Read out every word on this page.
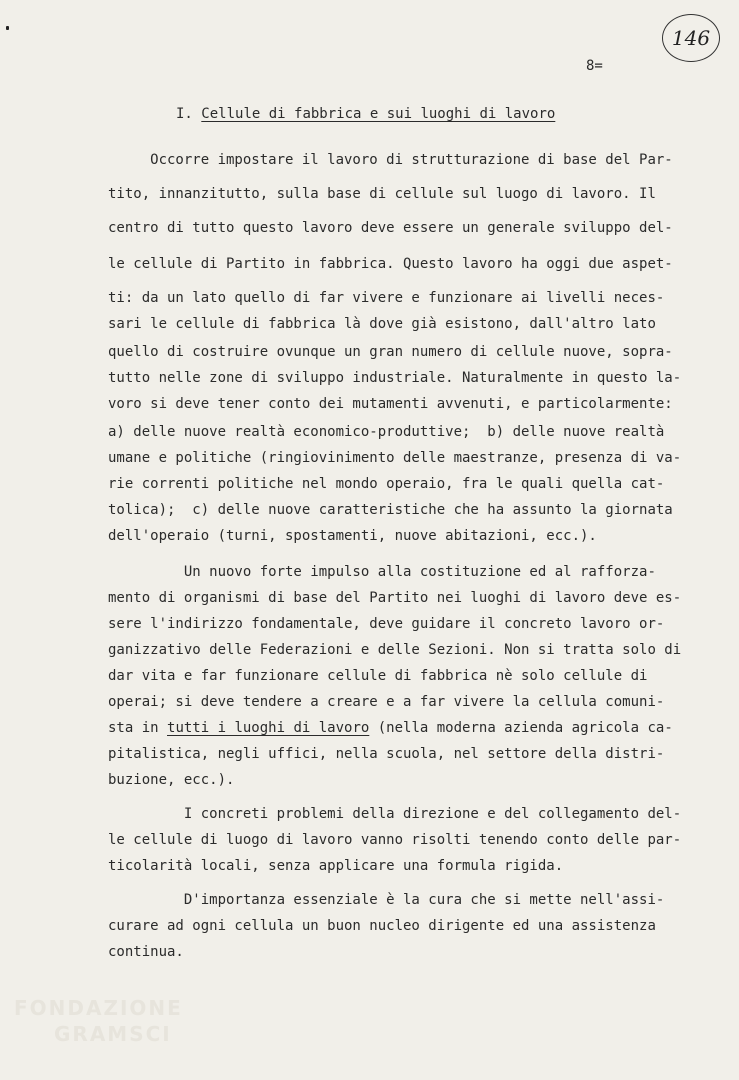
146
8=
I. Cellule di fabbrica e sui luoghi di lavoro
Occorre impostare il lavoro di strutturazione di base del Par-
tito, innanzitutto, sulla base di cellule sul luogo di lavoro. Il
centro di tutto questo lavoro deve essere un generale sviluppo del-
le cellule di Partito in fabbrica. Questo lavoro ha oggi due aspet-
ti: da un lato quello di far vivere e funzionare ai livelli neces-
sari le cellule di fabbrica là dove già esistono, dall'altro lato
quello di costruire ovunque un gran numero di cellule nuove, sopra-
tutto nelle zone di sviluppo industriale. Naturalmente in questo la-
voro si deve tener conto dei mutamenti avvenuti, e particolarmente:
a) delle nuove realtà economico-produttive;  b) delle nuove realtà
umane e politiche (ringiovinimento delle maestranze, presenza di va-
rie correnti politiche nel mondo operaio, fra le quali quella cat-
tolica);  c) delle nuove caratteristiche che ha assunto la giornata
dell'operaio (turni, spostamenti, nuove abitazioni, ecc.).
Un nuovo forte impulso alla costituzione ed al rafforza-
mento di organismi di base del Partito nei luoghi di lavoro deve es-
sere l'indirizzo fondamentale, deve guidare il concreto lavoro or-
ganizzativo delle Federazioni e delle Sezioni. Non si tratta solo di
dar vita e far funzionare cellule di fabbrica nè solo cellule di
operai; si deve tendere a creare e a far vivere la cellula comuni-
sta in tutti i luoghi di lavoro (nella moderna azienda agricola ca-
pitalistica, negli uffici, nella scuola, nel settore della distri-
buzione, ecc.).
I concreti problemi della direzione e del collegamento del-
le cellule di luogo di lavoro vanno risolti tenendo conto delle par-
ticolarità locali, senza applicare una formula rigida.
D'importanza essenziale è la cura che si mette nell'assi-
curare ad ogni cellula un buon nucleo dirigente ed una assistenza
continua.
FONDAZIONE
GRAMSCI
